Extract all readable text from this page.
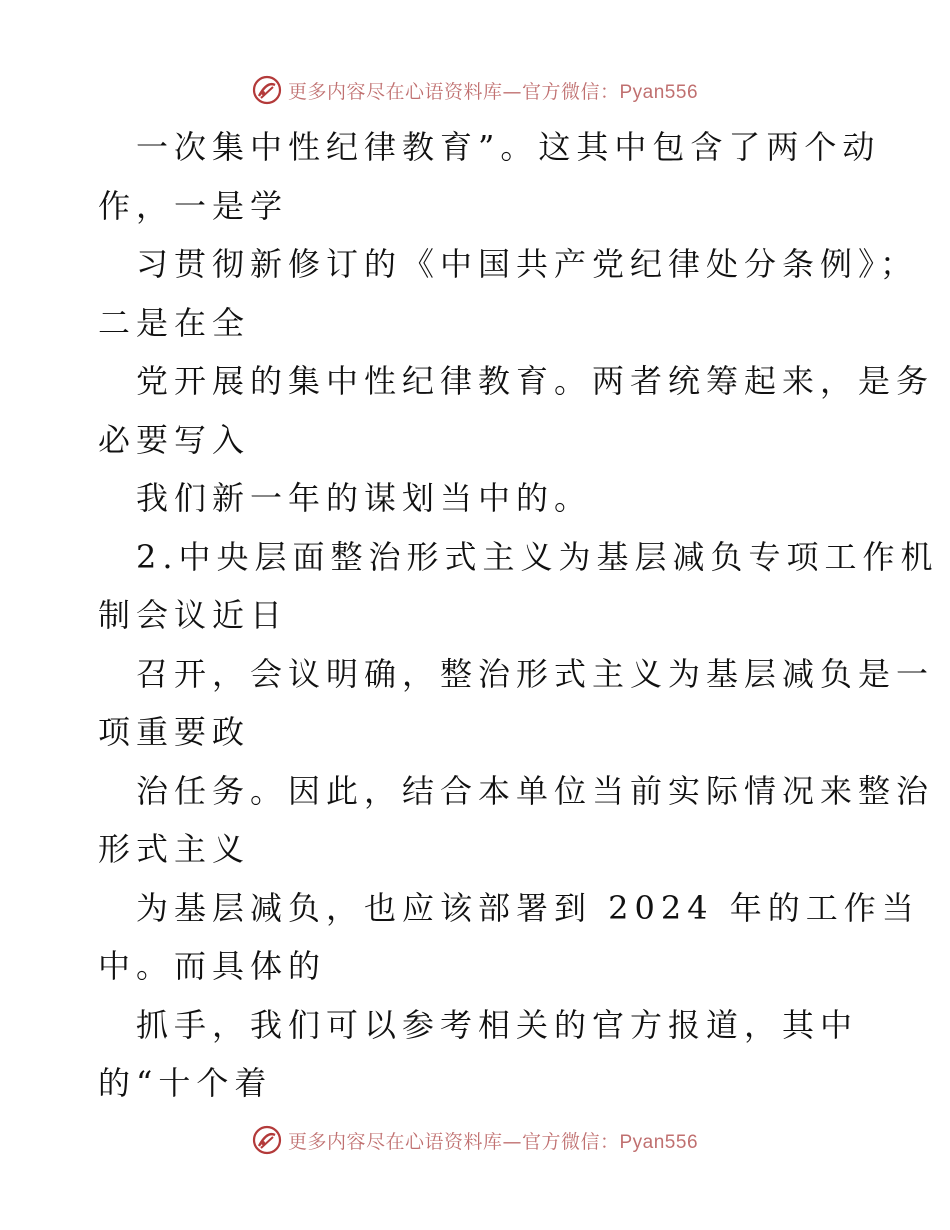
更多内容尽在心语资料库—官方微信：Pyan556
一次集中性纪律教育”。这其中包含了两个动
作，一是学
习贯彻新修订的《中国共产党纪律处分条例》；
二是在全
党开展的集中性纪律教育。两者统筹起来，是务
必要写入
我们新一年的谋划当中的。
2.中央层面整治形式主义为基层减负专项工作机
制会议近日
召开，会议明确，整治形式主义为基层减负是一
项重要政
治任务。因此，结合本单位当前实际情况来整治
形式主义
为基层减负，也应该部署到 2024 年的工作当
中。而具体的
抓手，我们可以参考相关的官方报道，其中
的“十个着
更多内容尽在心语资料库—官方微信：Pyan556
